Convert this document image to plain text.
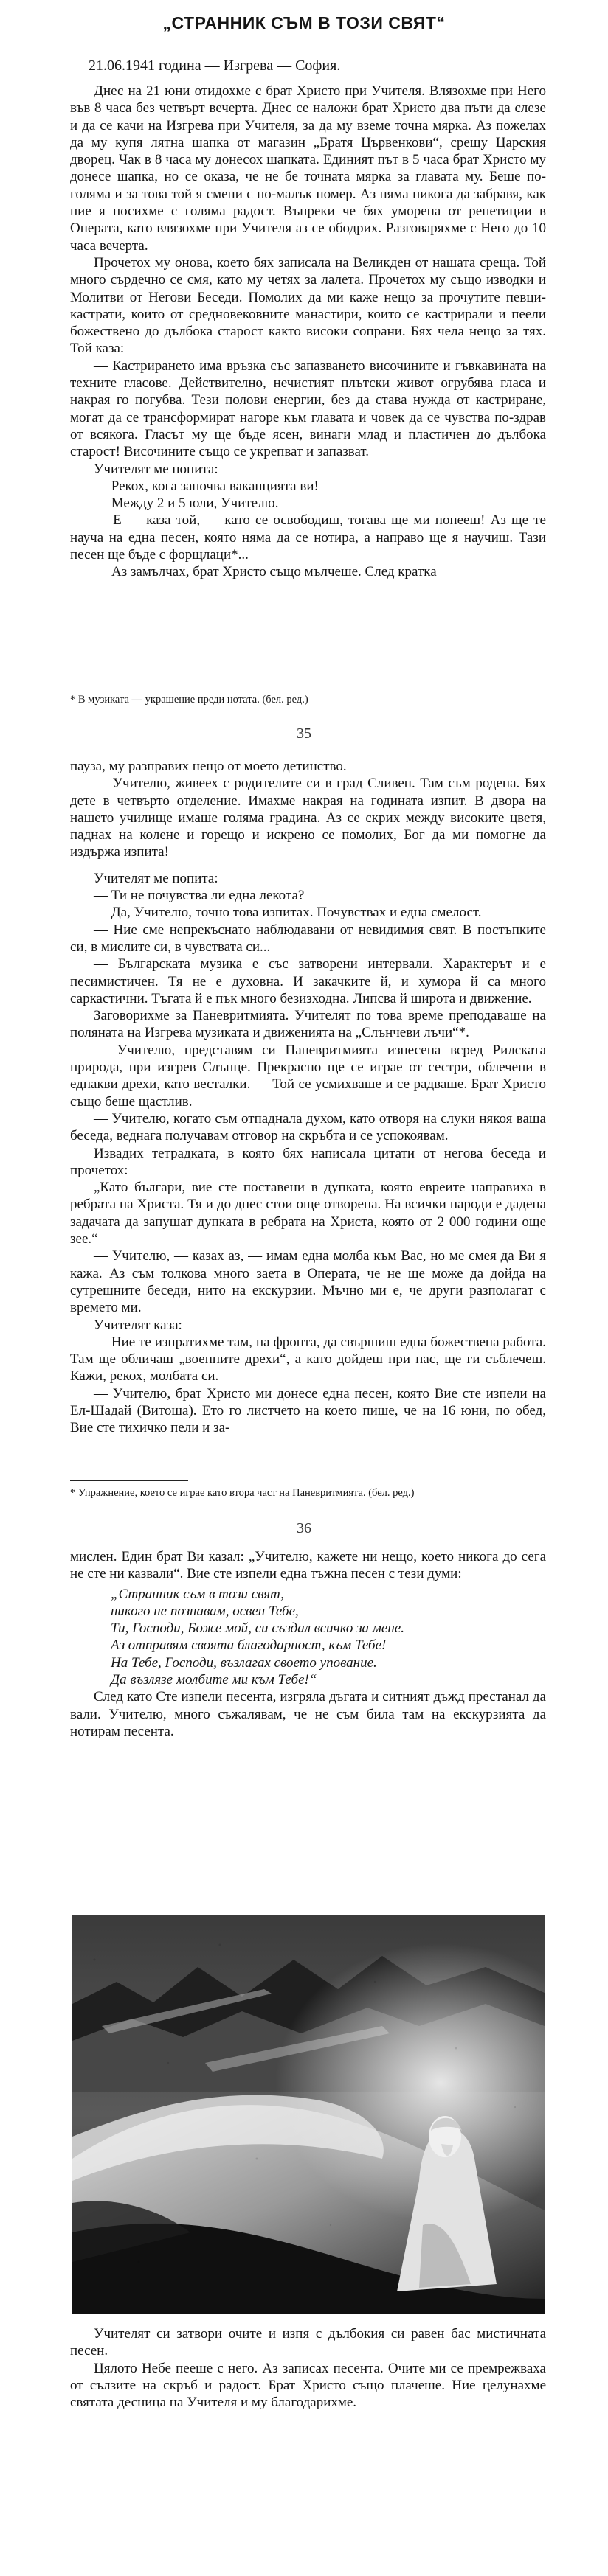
„СТРАННИК СЪМ В ТОЗИ СВЯТ“
21.06.1941 година — Изгрева — София.

Днес на 21 юни отидохме с брат Христо при Учителя. Влязохме при Него във 8 часа без четвърт вечерта. Днес се наложи брат Христо два пъти да слезе и да се качи на Изгрева при Учителя, за да му вземе точна мярка. Аз пожелах да му купя лятна шапка от магазин „Братя Цървенкови“, срещу Царския дворец. Чак в 8 часа му донесох шапката. Единият път в 5 часа брат Христо му донесе шапка, но се оказа, че не бе точната мярка за главата му. Беше по-голяма и за това той я смени с по-малък номер. Аз няма никога да забравя, как ние я носихме с голяма радост. Въпреки че бях уморена от репетиции в Операта, като влязохме при Учителя аз се ободрих. Разговаряхме с Него до 10 часа вечерта.

Прочетох му онова, което бях записала на Великден от нашата среща. Той много сърдечно се смя, като му четях за лалета. Прочетох му също изводки и Молитви от Негови Беседи. Помолих да ми каже нещо за прочутите певци-кастрати, които от средновековните манастири, които се кастрирали и пеели божествено до дълбока старост както високи сопрани. Бях чела нещо за тях. Той каза:

— Кастрирането има връзка със запазването височините и гъвкавината на техните гласове. Действително, нечистият плътски живот огрубява гласа и накрая го погубва. Тези полови енергии, без да става нужда от кастриране, могат да се трансформират нагоре към главата и човек да се чувства по-здрав от всякога. Гласът му ще бъде ясен, винаги млад и пластичен до дълбока старост! Височините също се укрепват и запазват.

Учителят ме попита:

— Рекох, кога започва ваканцията ви!

— Между 2 и 5 юли, Учителю.

— Е — каза той, — като се освободиш, тогава ще ми попееш! Аз ще те науча на една песен, която няма да се нотира, а направо ще я научиш. Тази песен ще бъде с форщлаци*...

Аз замълчах, брат Христо също мълчеше. След кратка

* В музиката — украшение преди нотата. (бел. ред.)
35

пауза, му разправих нещо от моето детинство.

— Учителю, живеех с родителите си в град Сливен. Там съм родена. Бях дете в четвърто отделение. Имахме накрая на годината изпит. В двора на нашето училище имаше голяма градина. Аз се скрих между високите цветя, паднах на колене и горещо и искрено се помолих, Бог да ми помогне да издържа изпита!

Учителят ме попита:

— Ти не почувства ли една лекота?

— Да, Учителю, точно това изпитах. Почувствах и една смелост.

— Ние сме непрекъснато наблюдавани от невидимия свят. В постъпките си, в мислите си, в чувствата си...

— Българската музика е със затворени интервали. Характерът и е песимистичен. Тя не е духовна. И закачките й, и хумора й са много саркастични. Тъгата й е пък много безизходна. Липсва й широта и движение.

Заговорихме за Паневритмията. Учителят по това време преподаваше на поляната на Изгрева музиката и движенията на „Слънчеви лъчи“*.

— Учителю, представям си Паневритмията изнесена всред Рилската природа, при изгрев Слънце. Прекрасно ще се играе от сестри, облечени в еднакви дрехи, като весталки. — Той се усмихваше и се радваше. Брат Христо също беше щастлив.

— Учителю, когато съм отпаднала духом, като отворя на слуки някоя ваша беседа, веднага получавам отговор на скръбта и се успокоявам.

Извадих тетрадката, в която бях написала цитати от негова беседа и прочетох:

„Като българи, вие сте поставени в дупката, която евреите направиха в ребрата на Христа. Тя и до днес стои още отворена. На всички народи е дадена задачата да запушат дупката в ребрата на Христа, която от 2 000 години още зее.“

— Учителю, — казах аз, — имам една молба към Вас, но ме смея да Ви я кажа. Аз съм толкова много заета в Операта, че не ще може да дойда на сутрешните беседи, нито на екскурзии. Мъчно ми е, че други разполагат с времето ми.

Учителят каза:

— Ние те изпратихме там, на фронта, да свършиш една божествена работа. Там ще обличаш „военните дрехи“, а като дойдеш при нас, ще ги съблечеш. Кажи, рекох, молбата си.

— Учителю, брат Христо ми донесе една песен, която Вие сте изпели на Ел-Шадай (Витоша). Ето го листчето на което пише, че на 16 юни, по обед, Вие сте тихичко пели и за-

* Упражнение, което се играе като втора част на Паневритмията. (бел. ред.)
36

мислен. Един брат Ви казал: „Учителю, кажете ни нещо, което никога до сега не сте ни казвали“. Вие сте изпели една тъжна песен с тези думи:

„Странник съм в този свят,

никого не познавам, освен Тебе,

Ти, Господи, Боже мой, си създал всичко за мене.

Аз отправям своята благодарност, към Тебе!

На Тебе, Господи, възлагах своето упование.

Да възлязе молбите ми към Тебе!“

След като Сте изпели песента, изгряла дъгата и ситният дъжд престанал да вали. Учителю, много съжалявам, че не съм била там на екскурзията да нотирам песента.

Учителят си затвори очите и изпя с дълбокия си равен бас мистичната песен.

Цялото Небе пееше с него. Аз записах песента. Очите ми се премрежваха от сълзите на скръб и радост. Брат Христо също плачеше. Ние целунахме святата десница на Учителя и му благодарихме.
